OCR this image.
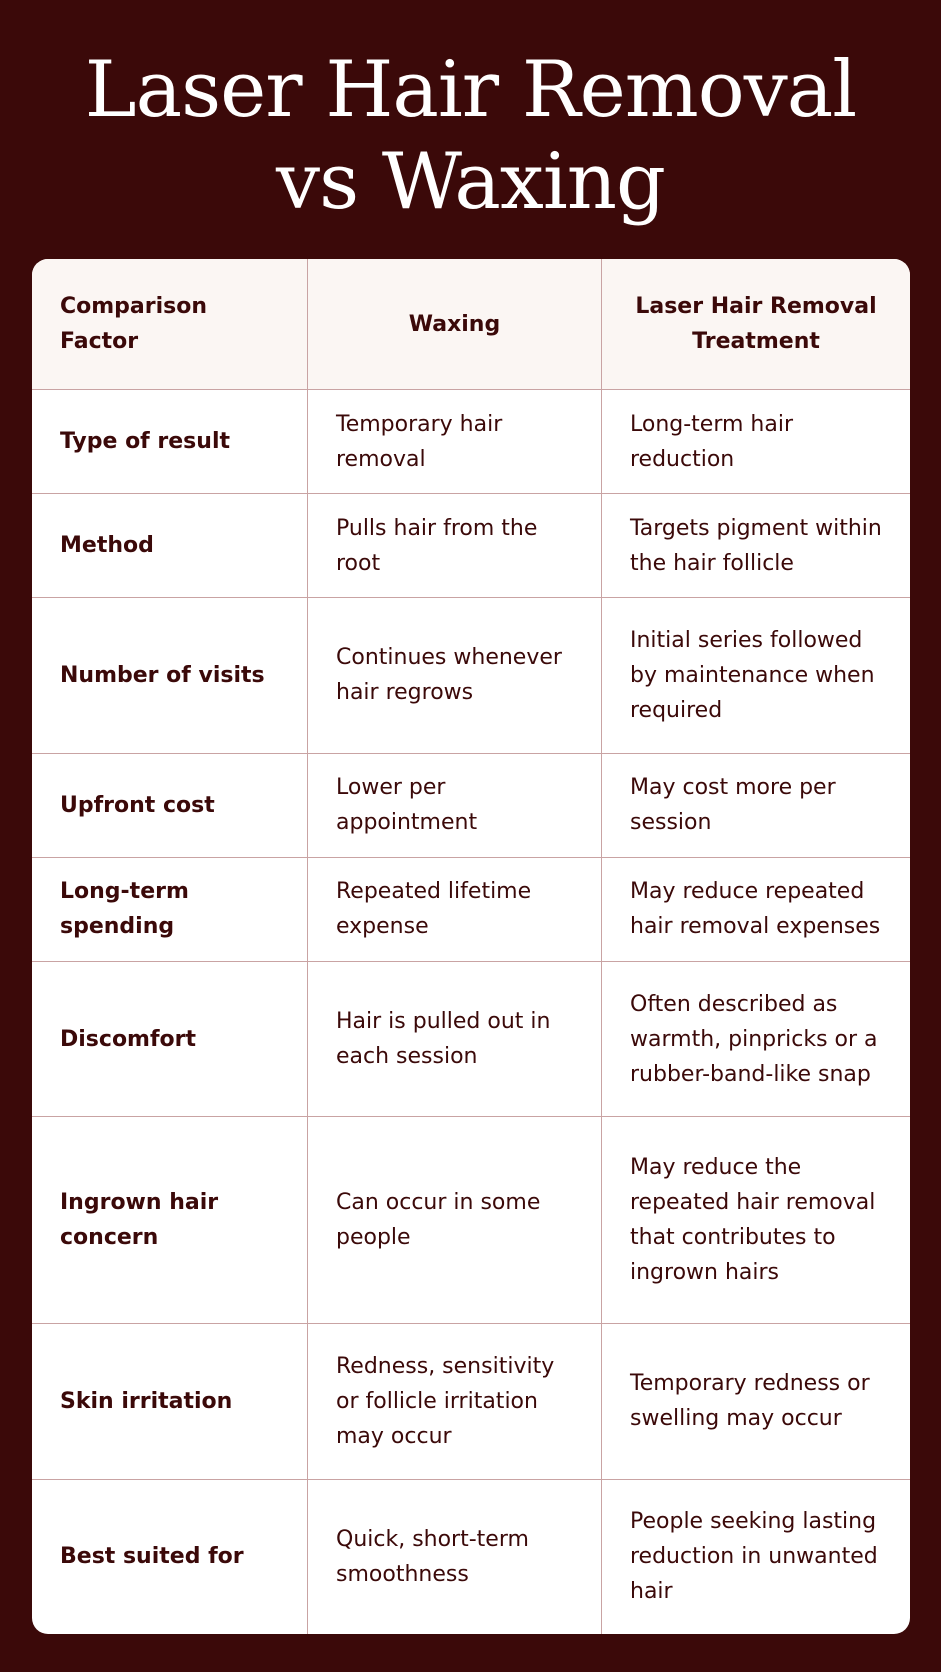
Laser Hair Removal
vs Waxing
Comparison Factor	Waxing	Laser Hair Removal Treatment
Type of result	Temporary hair removal	Long-term hair reduction
Method	Pulls hair from the root	Targets pigment within the hair follicle
Number of visits	Continues whenever hair regrows	Initial series followed by maintenance when required
Upfront cost	Lower per appointment	May cost more per session
Long-term spending	Repeated lifetime expense	May reduce repeated hair removal expenses
Discomfort	Hair is pulled out in each session	Often described as warmth, pinpricks or a rubber-band-like snap
Ingrown hair concern	Can occur in some people	May reduce the repeated hair removal that contributes to ingrown hairs
Skin irritation	Redness, sensitivity or follicle irritation may occur	Temporary redness or swelling may occur
Best suited for	Quick, short-term smoothness	People seeking lasting reduction in unwanted hair
